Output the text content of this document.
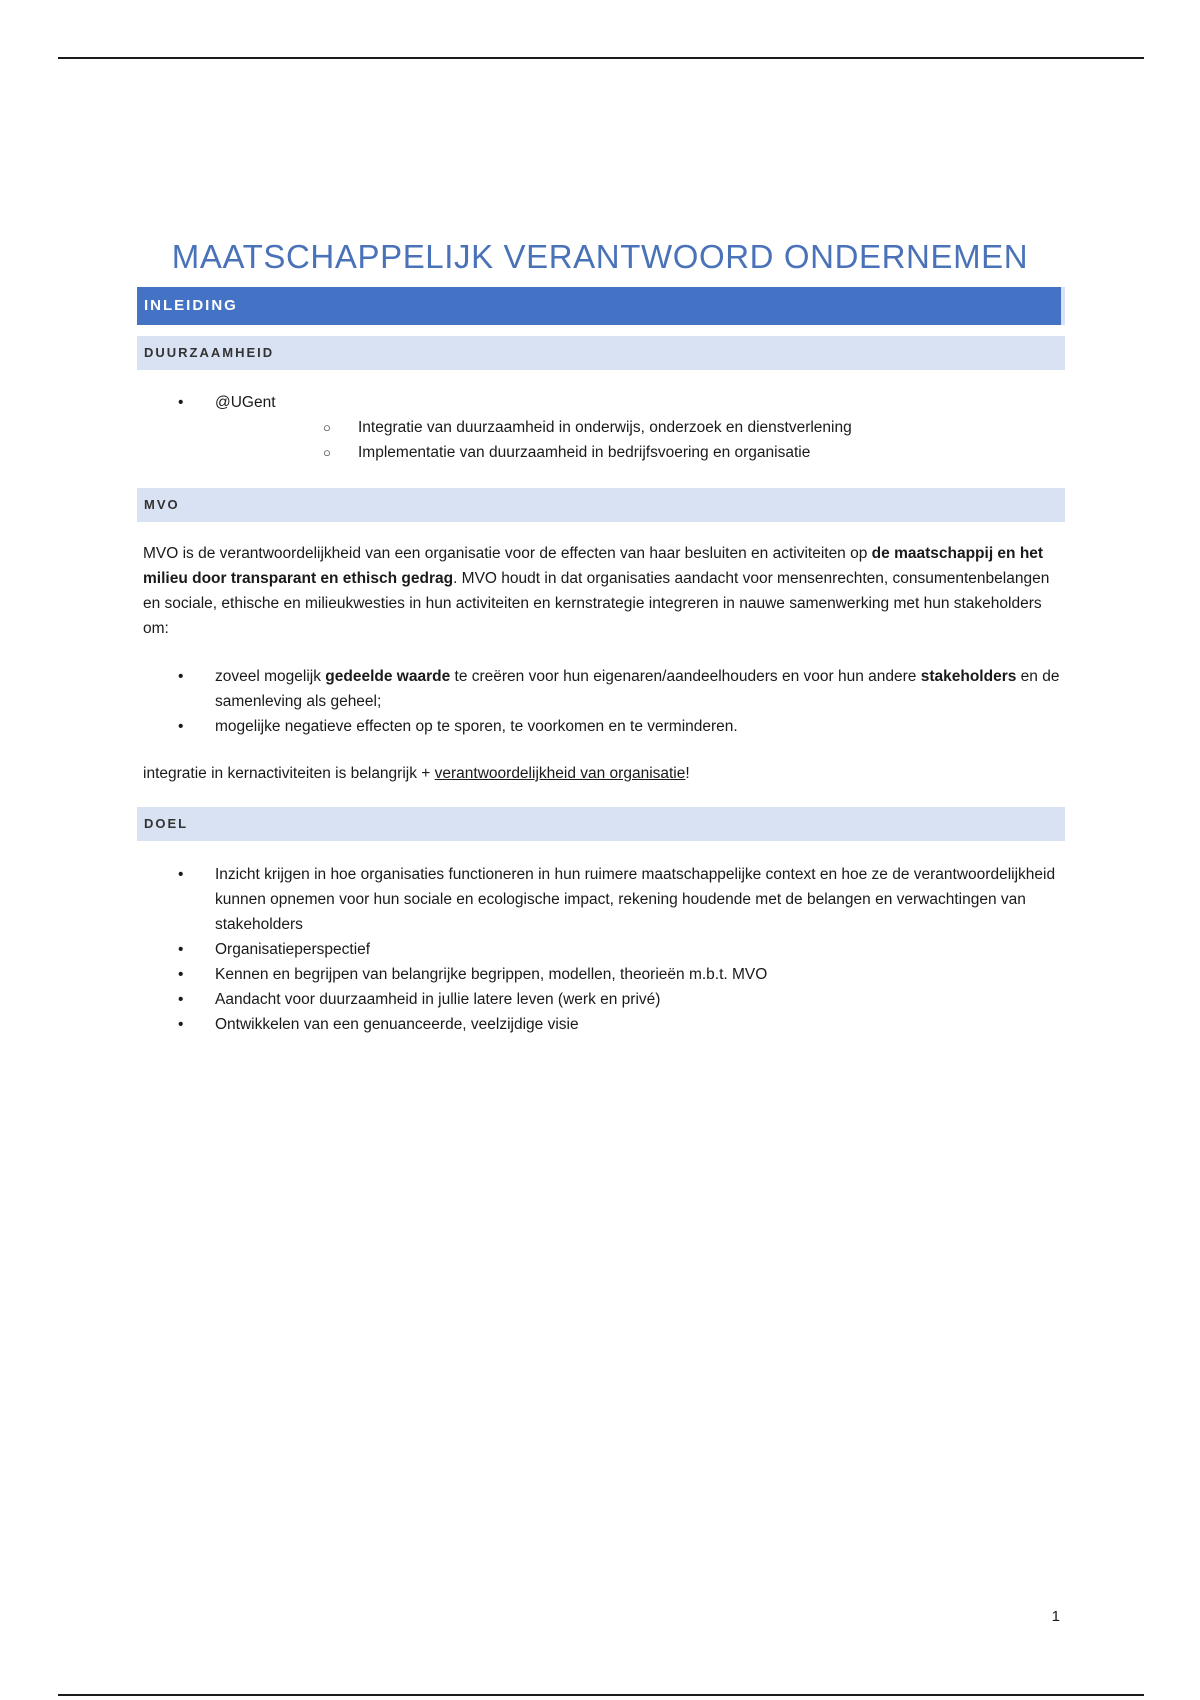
MAATSCHAPPELIJK VERANTWOORD ONDERNEMEN
INLEIDING
DUURZAAMHEID
• @UGent
○ Integratie van duurzaamheid in onderwijs, onderzoek en dienstverlening
○ Implementatie van duurzaamheid in bedrijfsvoering en organisatie
MVO

MVO is de verantwoordelijkheid van een organisatie voor de effecten van haar besluiten en activiteiten op de maatschappij en het milieu door transparant en ethisch gedrag. MVO houdt in dat organisaties aandacht voor mensenrechten, consumentenbelangen en sociale, ethische en milieukwesties in hun activiteiten en kernstrategie integreren in nauwe samenwerking met hun stakeholders om:

• zoveel mogelijk gedeelde waarde te creëren voor hun eigenaren/aandeelhouders en voor hun andere stakeholders en de samenleving als geheel;
• mogelijke negatieve effecten op te sporen, te voorkomen en te verminderen.

integratie in kernactiviteiten is belangrijk + verantwoordelijkheid van organisatie!

DOEL
• Inzicht krijgen in hoe organisaties functioneren in hun ruimere maatschappelijke context en hoe ze de verantwoordelijkheid kunnen opnemen voor hun sociale en ecologische impact, rekening houdende met de belangen en verwachtingen van stakeholders
• Organisatieperspectief
• Kennen en begrijpen van belangrijke begrippen, modellen, theorieën m.b.t. MVO
• Aandacht voor duurzaamheid in jullie latere leven (werk en privé)
• Ontwikkelen van een genuanceerde, veelzijdige visie
1
